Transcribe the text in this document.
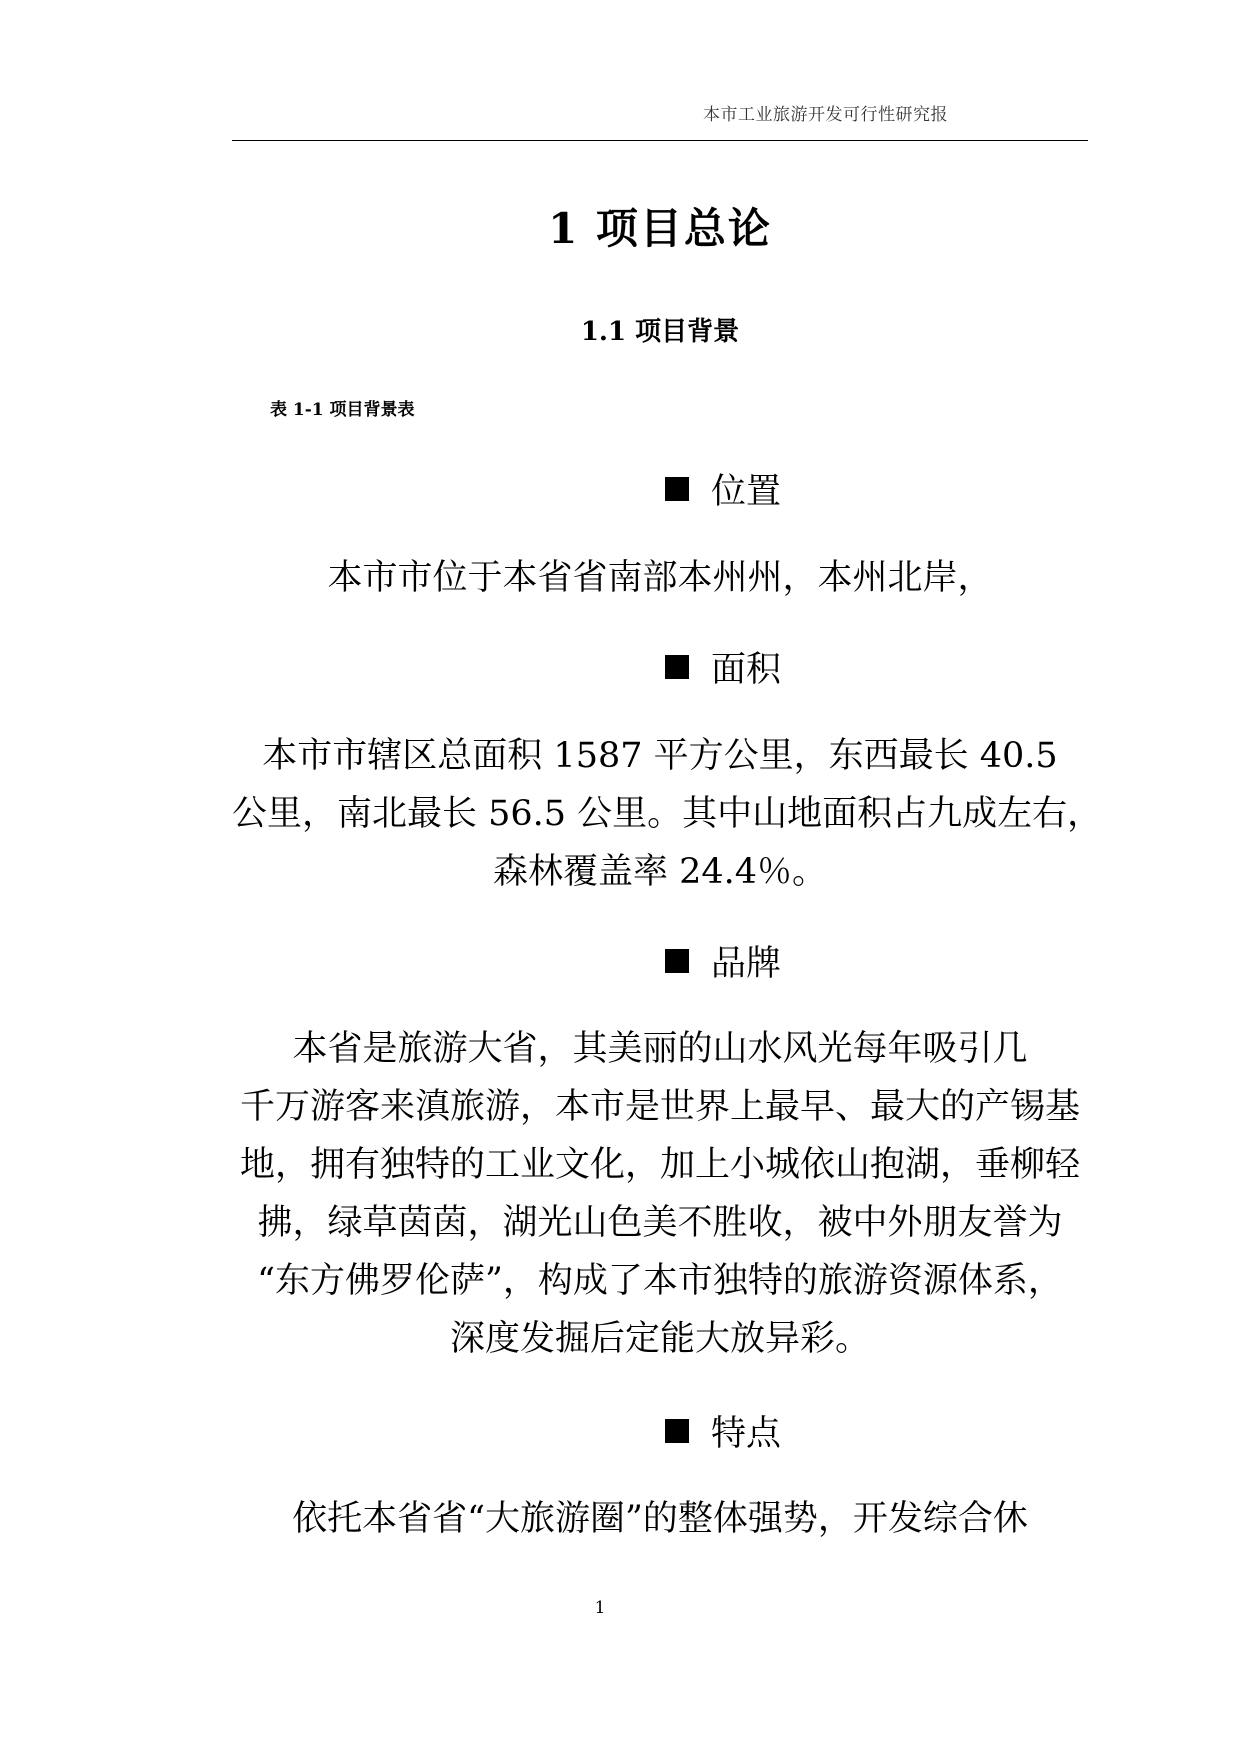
本市工业旅游开发可行性研究报
1 项目总论
1.1 项目背景
表 1-1 项目背景表
位置
本市市位于本省省南部本州州，本州北岸，
面积
本市市辖区总面积 1587 平方公里，东西最长 40.5
公里，南北最长 56.5 公里。其中山地面积占九成左右，
森林覆盖率 24.4％。
品牌
本省是旅游大省，其美丽的山水风光每年吸引几
千万游客来滇旅游，本市是世界上最早、最大的产锡基
地，拥有独特的工业文化，加上小城依山抱湖，垂柳轻
拂，绿草茵茵，湖光山色美不胜收，被中外朋友誉为
“东方佛罗伦萨”，构成了本市独特的旅游资源体系，
深度发掘后定能大放异彩。
特点
依托本省省“大旅游圈”的整体强势，开发综合休
1
